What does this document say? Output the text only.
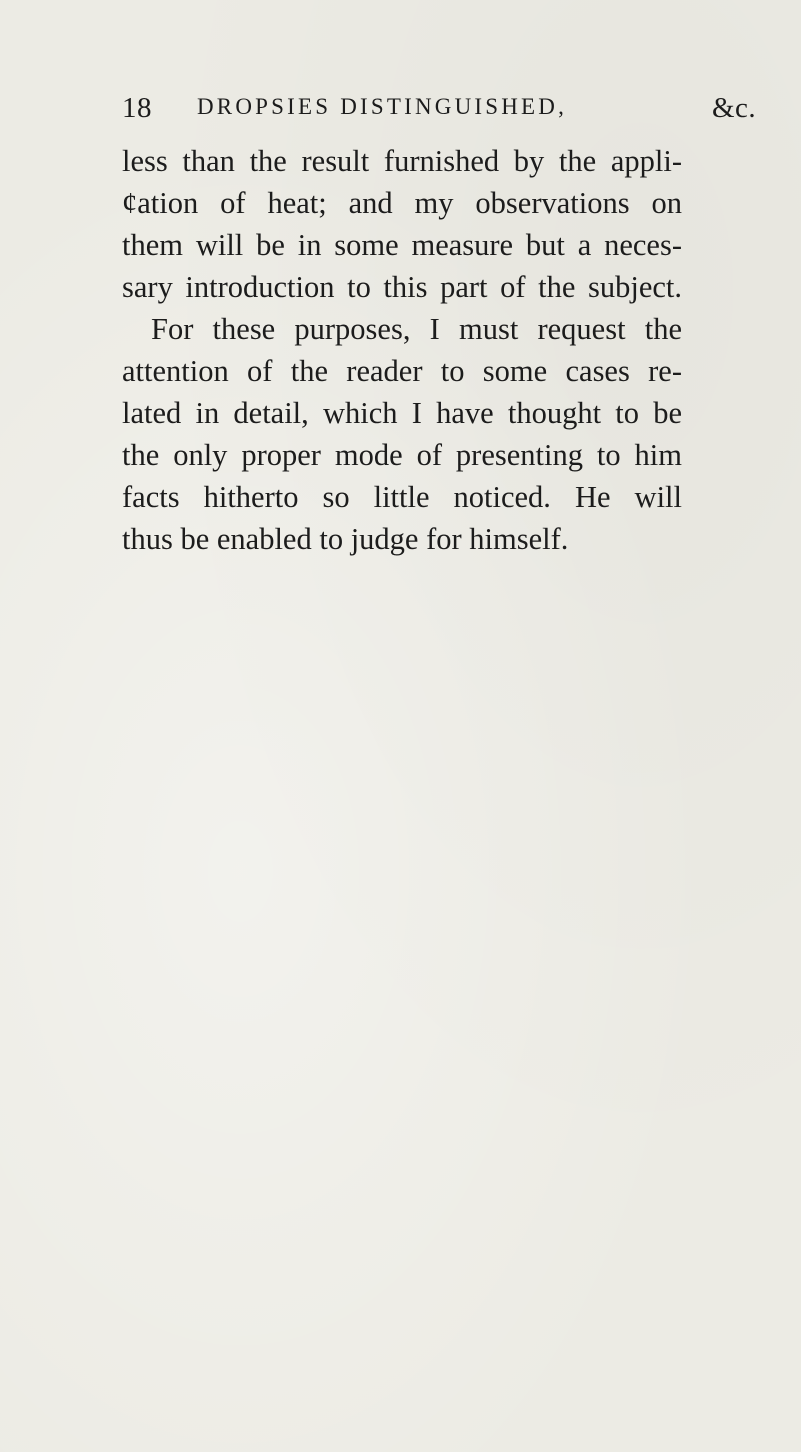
18 DROPSIES DISTINGUISHED,	&c.
less than the result furnished by the appli-
¢ation of heat; and my observations on
them will be in some measure but a neces-
sary introduction to this part of the subject.
For these purposes, I must request the
attention of the reader to some cases re-
lated in detail, which I have thought to be
the only proper mode of presenting to him
facts hitherto so little noticed. He will
thus be enabled to judge for himself.
